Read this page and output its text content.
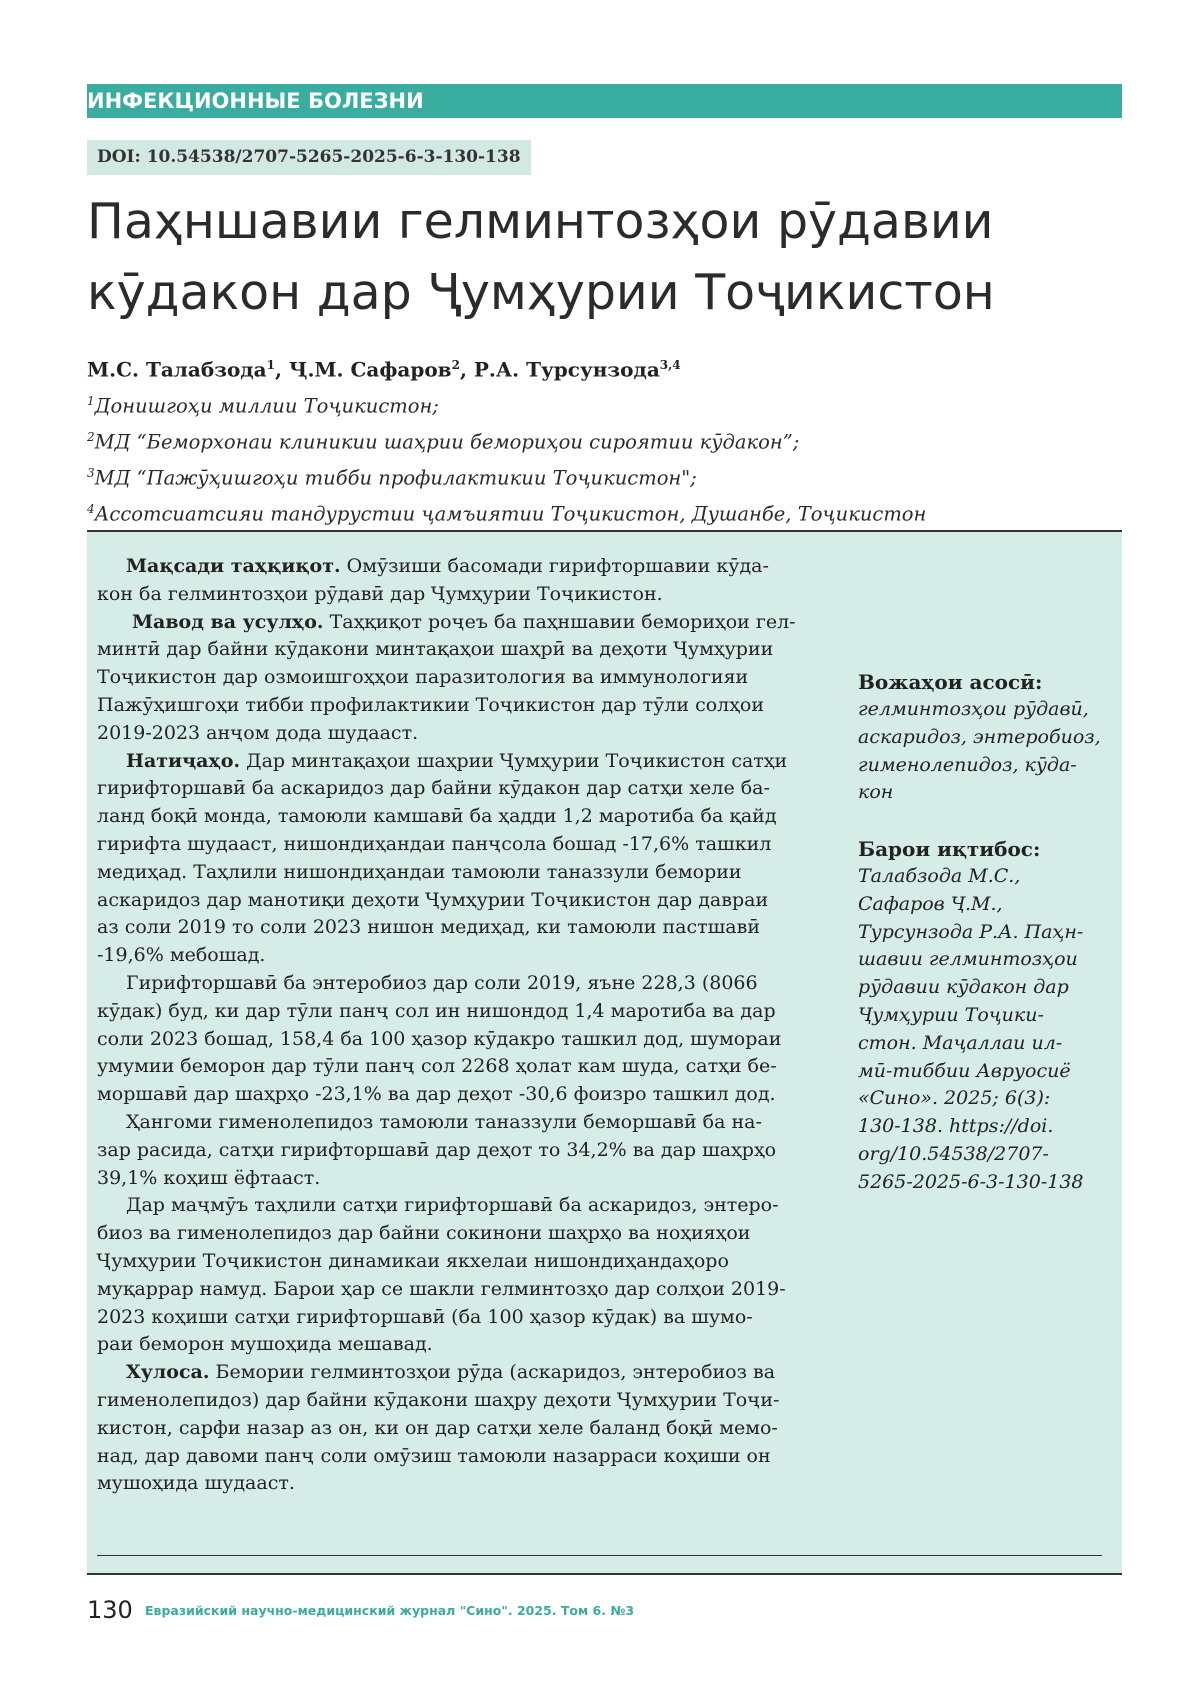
ИНФЕКЦИОННЫЕ БОЛЕЗНИ
DOI: 10.54538/2707-5265-2025-6-3-130-138
Паҳншавии гелминтозҳои рӯдавии
кӯдакон дар Ҷумҳурии Тоҷикистон
М.С. Талабзода$^1$, Ҷ.М. Сафаров$^2$, Р.А. Турсунзода$^{3,4}$
$^1$Донишгоҳи миллии Тоҷикистон;
$^2$МД “Беморхонаи клиникии шаҳрии бемориҳои сироятии кӯдакон”;
$^3$МД “Пажӯҳишгоҳи тибби профилактикии Тоҷикистон";
$^4$Ассотсиатсияи тандурустии ҷамъиятии Тоҷикистон, Душанбе, Тоҷикистон
Мақсади таҳқиқот. Омӯзиши басомади гирифторшавии кӯда-
кон ба гелминтозҳои рӯдавӣ дар Ҷумҳурии Тоҷикистон.
Мавод ва усулҳо. Таҳқиқот роҷеъ ба паҳншавии бемориҳои гел-
минтӣ дар байни кӯдакони минтақаҳои шаҳрӣ ва деҳоти Ҷумҳурии
Тоҷикистон дар озмоишгоҳҳои паразитология ва иммунологияи
Пажӯҳишгоҳи тибби профилактикии Тоҷикистон дар тӯли солҳои
2019-2023 анҷом дода шудааст.
Натиҷаҳо. Дар минтақаҳои шаҳрии Ҷумҳурии Тоҷикистон сатҳи
гирифторшавӣ ба аскаридоз дар байни кӯдакон дар сатҳи хеле ба-
ланд боқӣ монда, тамоюли камшавӣ ба ҳадди 1,2 маротиба ба қайд
гирифта шудааст, нишондиҳандаи панҷсола бошад -17,6% ташкил
медиҳад. Таҳлили нишондиҳандаи тамоюли таназзули бемории
аскаридоз дар манотиқи деҳоти Ҷумҳурии Тоҷикистон дар давраи
аз соли 2019 то соли 2023 нишон медиҳад, ки тамоюли пастшавӣ
-19,6% мебошад.
Гирифторшавӣ ба энтеробиоз дар соли 2019, яъне 228,3 (8066
кӯдак) буд, ки дар тӯли панҷ сол ин нишондод 1,4 маротиба ва дар
соли 2023 бошад, 158,4 ба 100 ҳазор кӯдакро ташкил дод, шумораи
умумии беморон дар тӯли панҷ сол 2268 ҳолат кам шуда, сатҳи бе-
моршавӣ дар шаҳрҳо -23,1% ва дар деҳот -30,6 фоизро ташкил дод.
Ҳангоми гименолепидоз тамоюли таназзули беморшавӣ ба на-
зар расида, сатҳи гирифторшавӣ дар деҳот то 34,2% ва дар шаҳрҳо
39,1% коҳиш ёфтааст.
Дар маҷмӯъ таҳлили сатҳи гирифторшавӣ ба аскаридоз, энтеро-
биоз ва гименолепидоз дар байни сокинони шаҳрҳо ва ноҳияҳои
Ҷумҳурии Тоҷикистон динамикаи якхелаи нишондиҳандаҳоро
муқаррар намуд. Барои ҳар се шакли гелминтозҳо дар солҳои 2019-
2023 коҳиши сатҳи гирифторшавӣ (ба 100 ҳазор кӯдак) ва шумо-
раи беморон мушоҳида мешавад.
Хулоса. Бемории гелминтозҳои рӯда (аскаридоз, энтеробиоз ва
гименолепидоз) дар байни кӯдакони шаҳру деҳоти Ҷумҳурии Тоҷи-
кистон, сарфи назар аз он, ки он дар сатҳи хеле баланд боқӣ мемо-
над, дар давоми панҷ соли омӯзиш тамоюли назарраси коҳиши он
мушоҳида шудааст.
Вожаҳои асосӣ:
гелминтозҳои рӯдавӣ,
аскаридоз, энтеробиоз,
гименолепидоз, кӯда-
кон
Барои иқтибос:
Талабзода М.С.,
Сафаров Ҷ.М.,
Турсунзода Р.А. Паҳн-
шавии гелминтозҳои
рӯдавии кӯдакон дар
Ҷумҳурии Тоҷики-
стон. Маҷаллаи ил-
мӣ-тиббии Авруосиё
«Сино». 2025; 6(3):
130-138. https://doi.
org/10.54538/2707-
5265-2025-6-3-130-138
130 Евразийский научно-медицинский журнал "Сино". 2025. Том 6. №3
